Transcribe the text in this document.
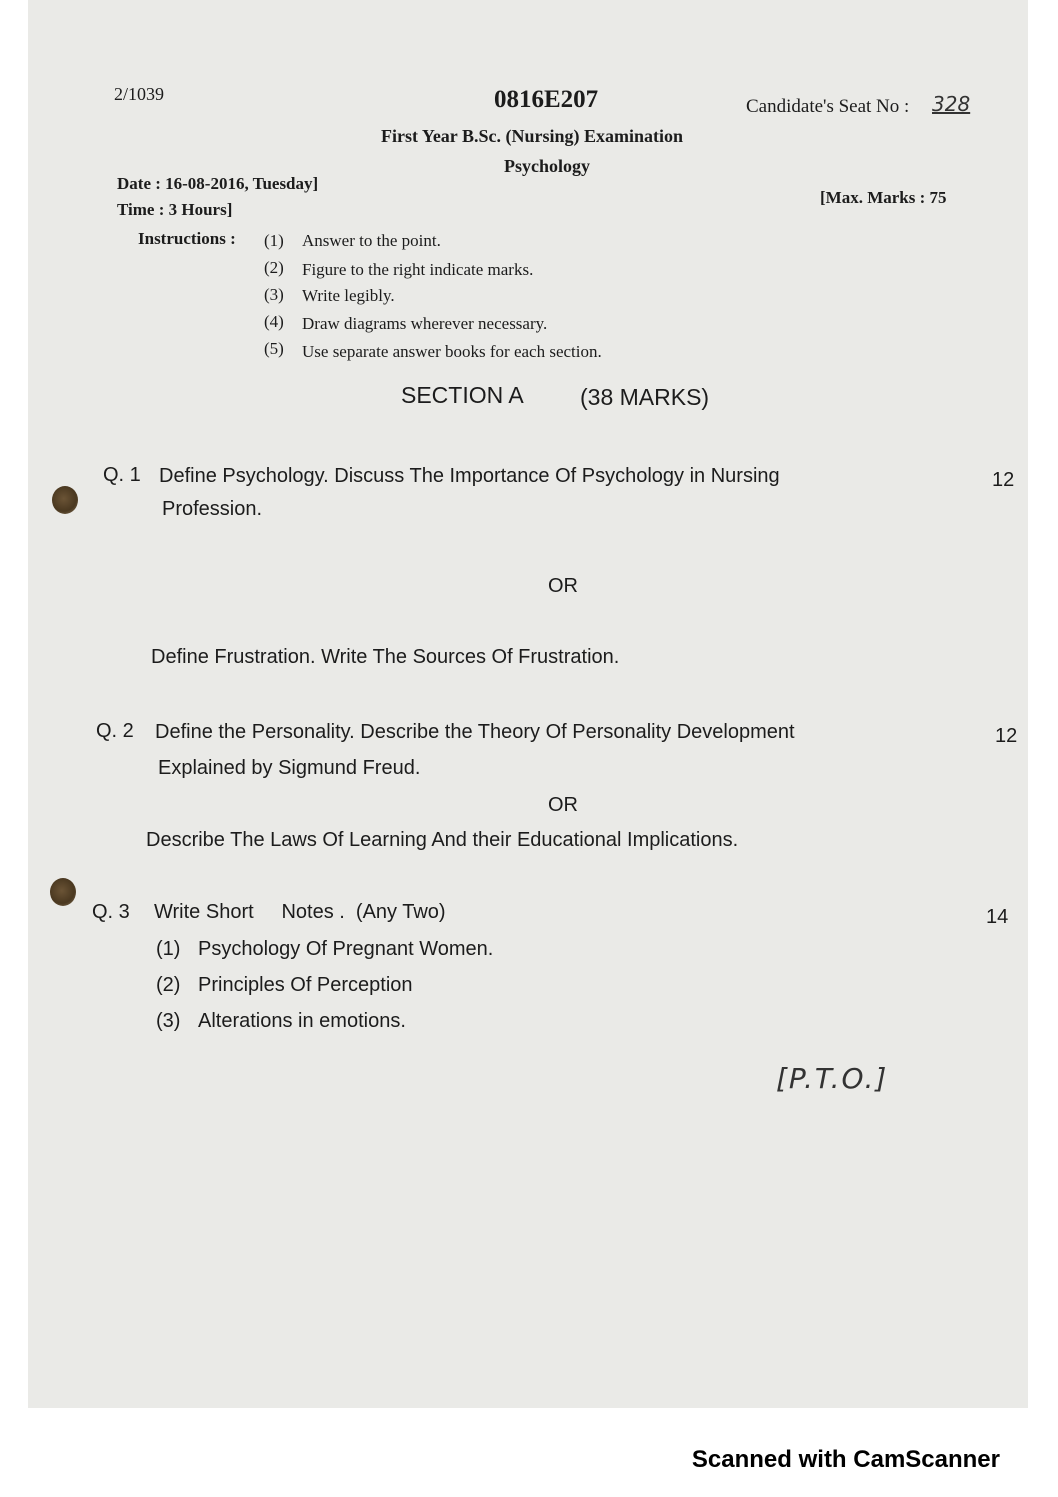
2/1039	0816E207	Candidate's Seat No : 328
First Year B.Sc. (Nursing) Examination
Psychology
Date : 16-08-2016, Tuesday]
Time : 3 Hours]
[Max. Marks : 75
Instructions : (1) Answer to the point.
(2) Figure to the right indicate marks.
(3) Write legibly.
(4) Draw diagrams wherever necessary.
(5) Use separate answer books for each section.
SECTION A (38 MARKS)
Q. 1 Define Psychology. Discuss The Importance Of Psychology in Nursing
Profession.
12
OR
Define Frustration. Write The Sources Of Frustration.
Q. 2 Define the Personality. Describe the Theory Of Personality Development
Explained by Sigmund Freud.
12
OR
Describe The Laws Of Learning And their Educational Implications.
Q. 3 Write Short     Notes .  (Any Two)	14
(1) Psychology Of Pregnant Women.
(2) Principles Of Perception
(3) Alterations in emotions.
[P.T.O.]
Scanned with CamScanner
